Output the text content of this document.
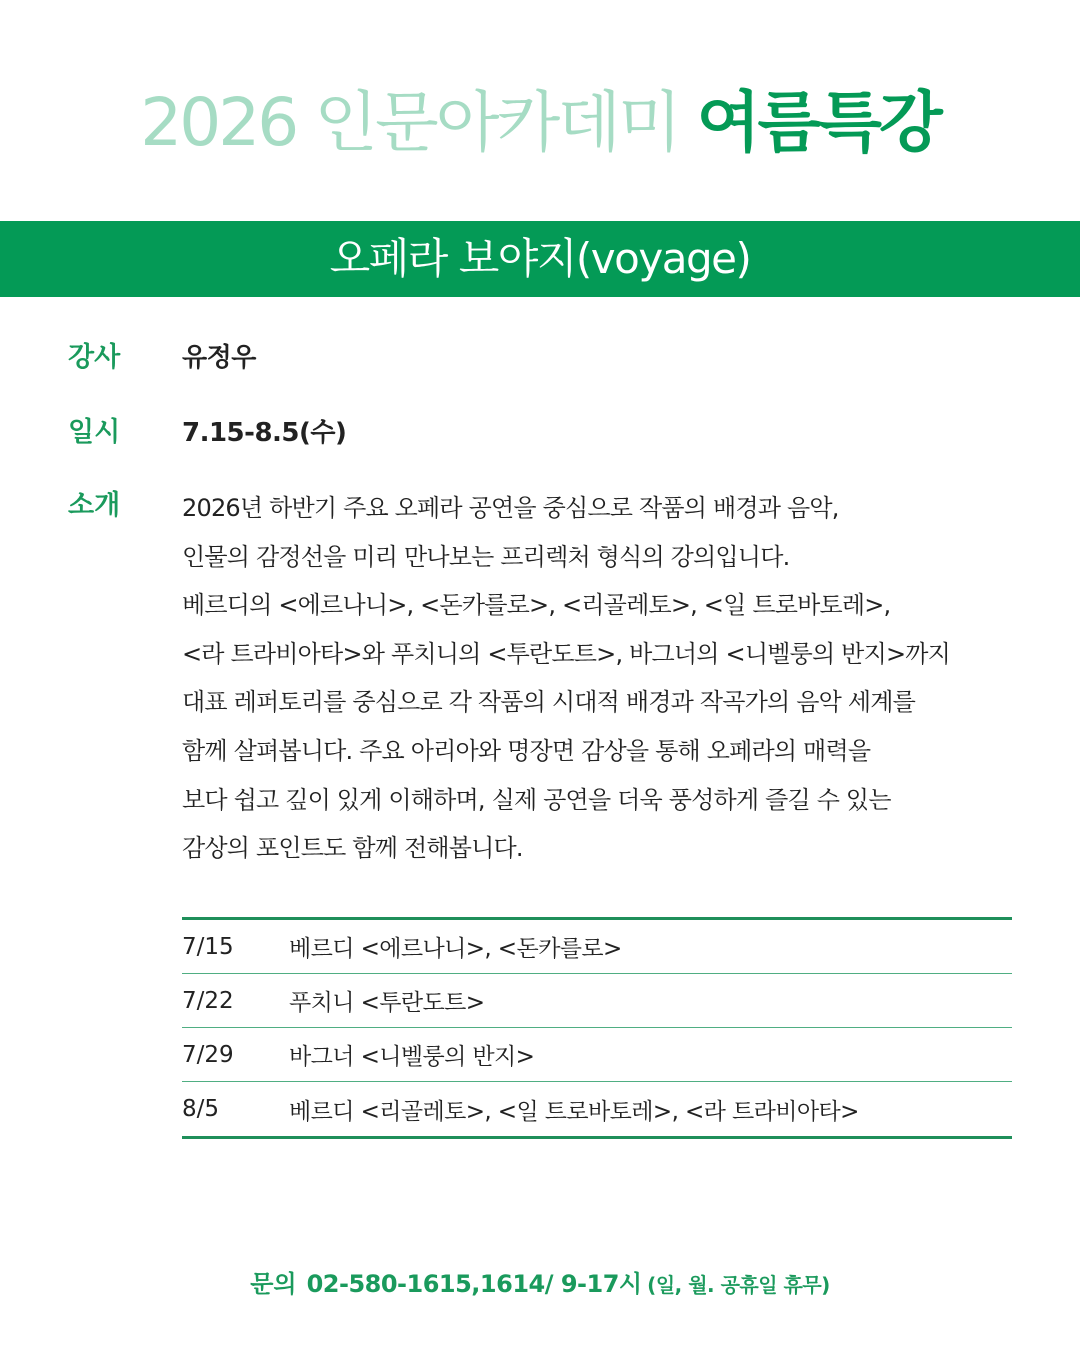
2026 인문아카데미 여름특강
오페라 보야지(voyage)
강사 유정우
일시 7.15-8.5(수)
소개	2026년 하반기 주요 오페라 공연을 중심으로 작품의 배경과 음악,
인물의 감정선을 미리 만나보는 프리렉처 형식의 강의입니다.
베르디의 <에르나니>, <돈카를로>, <리골레토>, <일 트로바토레>,
<라 트라비아타>와 푸치니의 <투란도트>, 바그너의 <니벨룽의 반지>까지
대표 레퍼토리를 중심으로 각 작품의 시대적 배경과 작곡가의 음악 세계를
함께 살펴봅니다. 주요 아리아와 명장면 감상을 통해 오페라의 매력을
보다 쉽고 깊이 있게 이해하며, 실제 공연을 더욱 풍성하게 즐길 수 있는
감상의 포인트도 함께 전해봅니다.
7/15	베르디 <에르나니>, <돈카를로>
7/22	푸치니 <투란도트>
7/29	바그너 <니벨룽의 반지>
8/5	베르디 <리골레토>, <일 트로바토레>, <라 트라비아타>
문의 02-580-1615,1614/ 9-17시 (일, 월. 공휴일 휴무)
